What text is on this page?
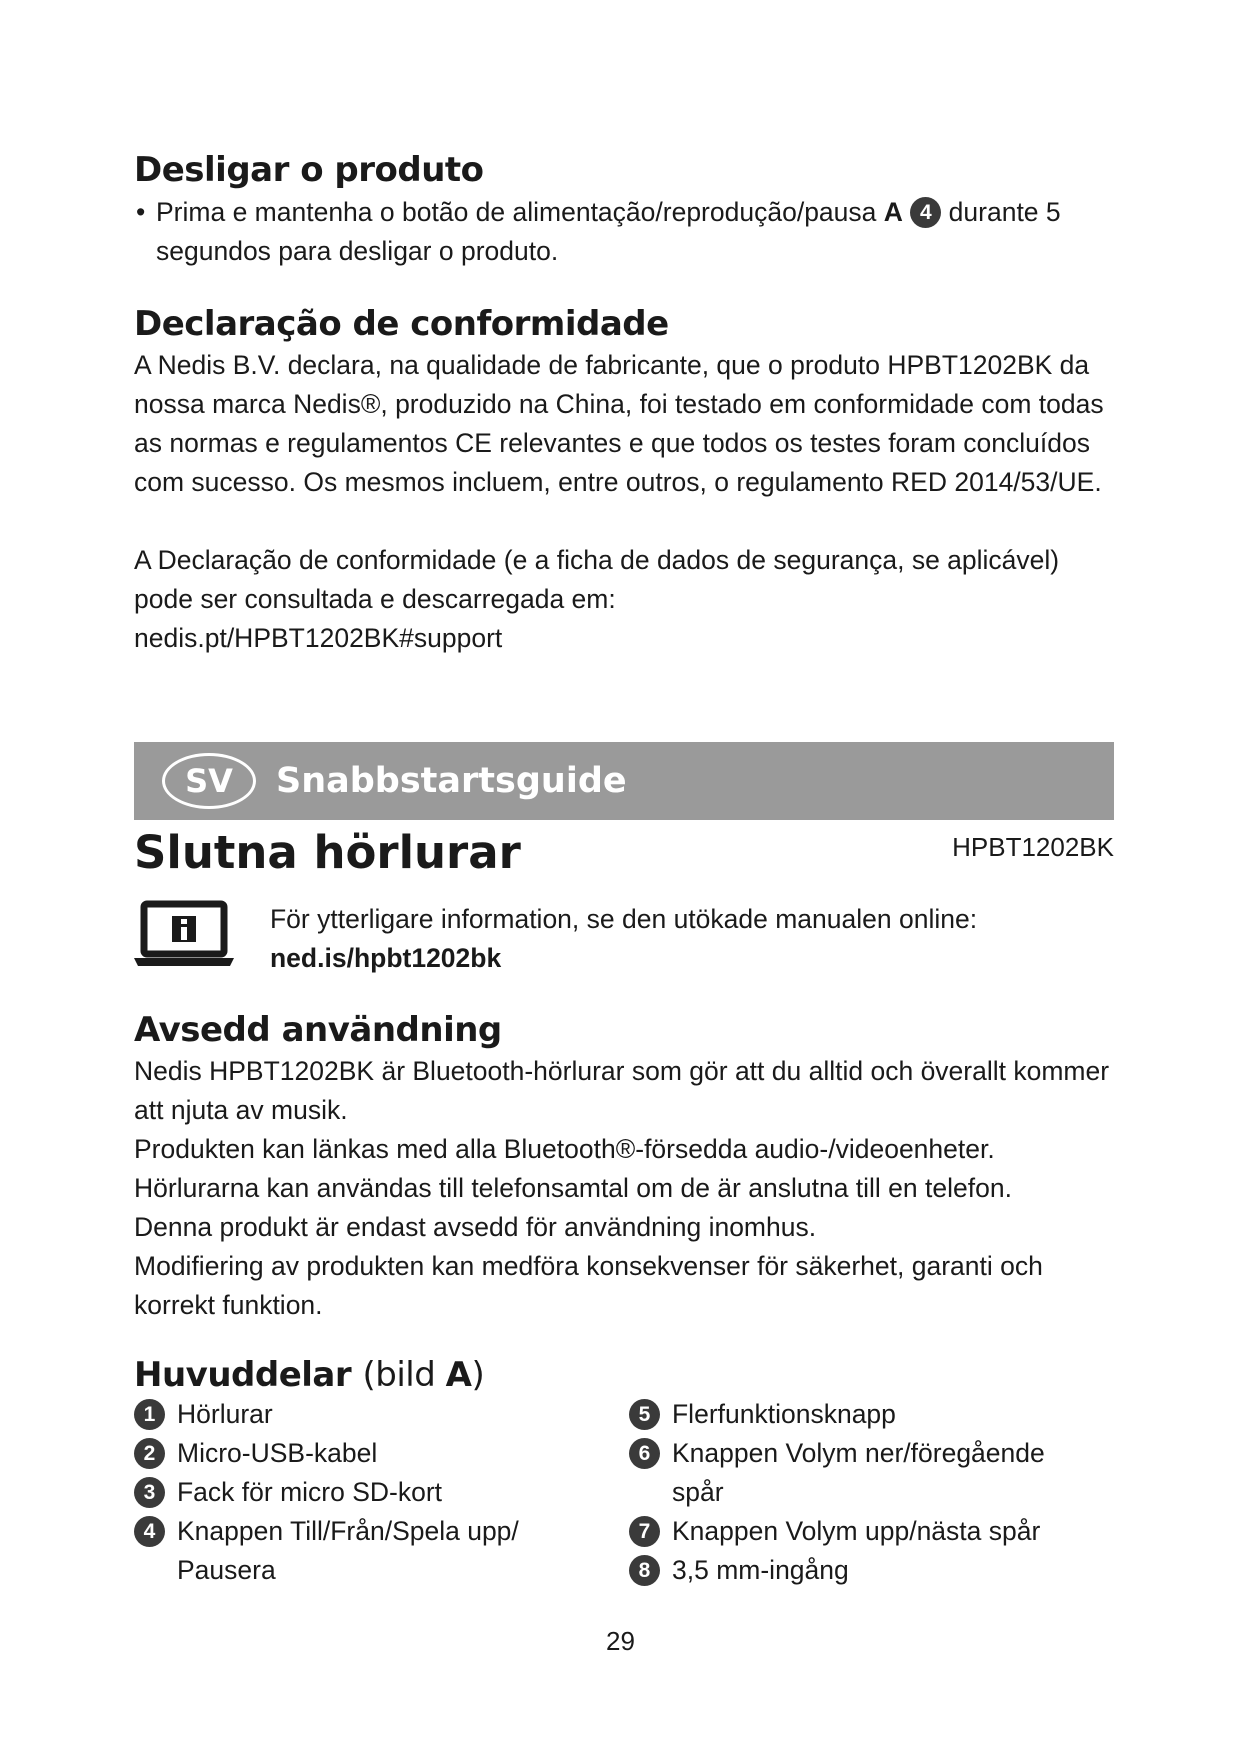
Desligar o produto
• Prima e mantenha o botão de alimentação/reprodução/pausa A 4 durante 5 segundos para desligar o produto.
Declaração de conformidade

A Nedis B.V. declara, na qualidade de fabricante, que o produto HPBT1202BK da nossa marca Nedis®, produzido na China, foi testado em conformidade com todas as normas e regulamentos CE relevantes e que todos os testes foram concluídos com sucesso. Os mesmos incluem, entre outros, o regulamento RED 2014/53/UE.

A Declaração de conformidade (e a ficha de dados de segurança, se aplicável) pode ser consultada e descarregada em:

nedis.pt/HPBT1202BK#support

SV	Snabbstartsguide
Slutna hörlurar	HPBT1202BK
För ytterligare information, se den utökade manualen online:
ned.is/hpbt1202bk
Avsedd användning

Nedis HPBT1202BK är Bluetooth-hörlurar som gör att du alltid och överallt kommer att njuta av musik.

Produkten kan länkas med alla Bluetooth®-försedda audio-/videoenheter.

Hörlurarna kan användas till telefonsamtal om de är anslutna till en telefon.

Denna produkt är endast avsedd för användning inomhus.

Modifiering av produkten kan medföra konsekvenser för säkerhet, garanti och korrekt funktion.

Huvuddelar (bild A)
1 Hörlurar
2 Micro-USB-kabel
3 Fack för micro SD-kort
4 Knappen Till/Från/Spela upp/ Pausera
5 Flerfunktionsknapp
6 Knappen Volym ner/föregående spår
7 Knappen Volym upp/nästa spår
8 3,5 mm-ingång
29
